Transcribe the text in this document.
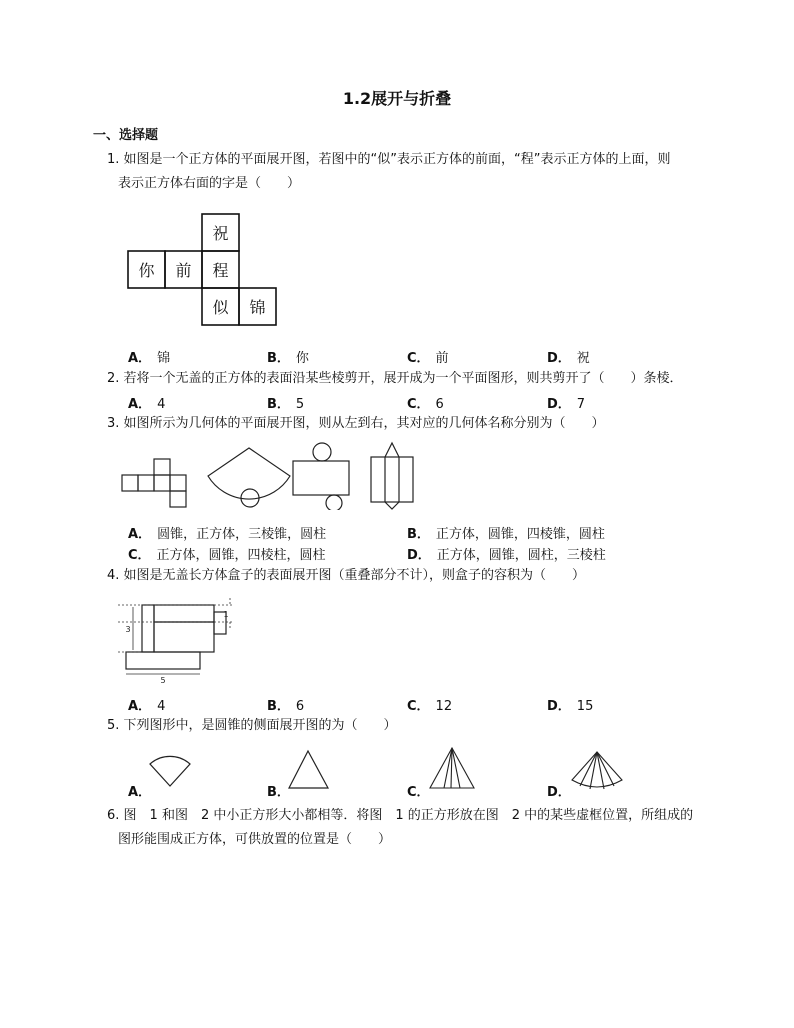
1.2展开与折叠
一、选择题
1. 如图是一个正方体的平面展开图，若图中的“似”表示正方体的前面，“程”表示正方体的上面，则
表示正方体右面的字是（　　）
祝
你 前 程
似 锦
A． 锦	B． 你	C． 前	D． 祝
2. 若将一个无盖的正方体的表面沿某些棱剪开，展开成为一个平面图形，则共剪开了（　　）条棱．
A． 4	B． 5	C． 6	D． 7
3. 如图所示为几何体的平面展开图，则从左到右，其对应的几何体名称分别为（　　）
A． 圆锥，正方体，三棱锥，圆柱	B． 正方体，圆锥，四棱锥，圆柱
C． 正方体，圆锥，四棱柱，圆柱	D． 正方体，圆锥，圆柱，三棱柱
4. 如图是无盖长方体盒子的表面展开图（重叠部分不计），则盒子的容积为（　　）
3
5
1
A． 4	B． 6	C． 12	D． 15
5. 下列图形中，是圆锥的侧面展开图的为（　　）
A．	B．	C．	D．
6. 图　1 和图　2 中小正方形大小都相等．将图　1 的正方形放在图　2 中的某些虚框位置，所组成的
图形能围成正方体，可供放置的位置是（　　）
